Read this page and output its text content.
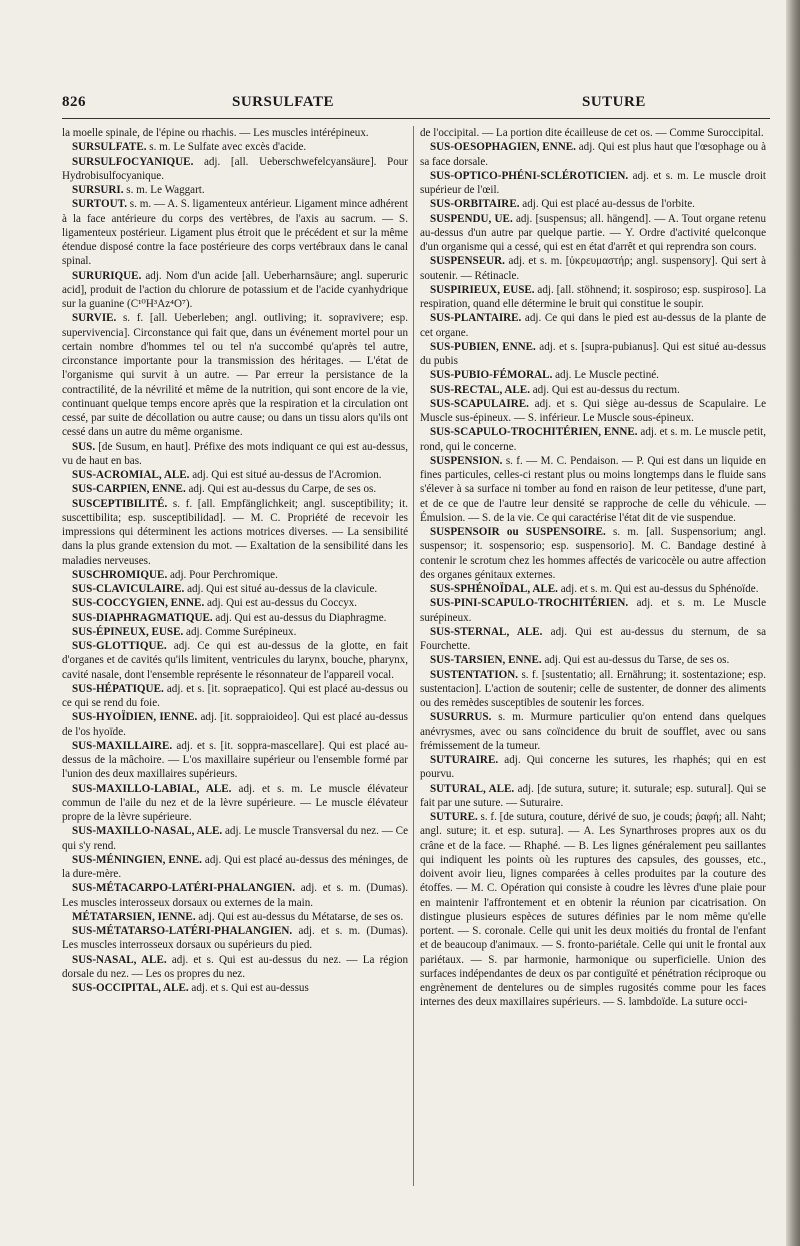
826	SURSULFATE	SUTURE

la moelle spinale, de l'épine ou rhachis. — Les muscles intérépineux.

SURSULFATE. s. m. Le Sulfate avec excès d'acide.

SURSULFOCYANIQUE. adj. [all. Ueberschwefelcyansäure]. Pour Hydrobisulfocyanique.

SURSURI. s. m. Le Waggart.

SURTOUT. s. m. — A. S. ligamenteux antérieur. Ligament mince adhérent à la face antérieure du corps des vertèbres, de l'axis au sacrum. — S. ligamenteux postérieur. Ligament plus étroit que le précédent et sur la même étendue disposé contre la face postérieure des corps vertébraux dans le canal spinal.

SURURIQUE. adj. Nom d'un acide [all. Ueberharnsäure; angl. superuric acid], produit de l'action du chlorure de potassium et de l'acide cyanhydrique sur la guanine (C¹⁰H³Az⁴O⁷).

SURVIE. s. f. [all. Ueberleben; angl. outliving; it. sopravivere; esp. supervivencia]. Circonstance qui fait que, dans un événement mortel pour un certain nombre d'hommes tel ou tel n'a succombé qu'après tel autre, circonstance importante pour la transmission des héritages. — L'état de l'organisme qui survit à un autre. — Par erreur la persistance de la contractilité, de la névrilité et même de la nutrition, qui sont encore de la vie, continuant quelque temps encore après que la respiration et la circulation ont cessé, par suite de décollation ou autre cause; ou dans un tissu alors qu'ils ont cessé dans un autre du même organisme.

SUS. [de Susum, en haut]. Préfixe des mots indiquant ce qui est au-dessus, vu de haut en bas.

SUS-ACROMIAL, ALE. adj. Qui est situé au-dessus de l'Acromion.

SUS-CARPIEN, ENNE. adj. Qui est au-dessus du Carpe, de ses os.

SUSCEPTIBILITÉ. s. f. [all. Empfänglichkeit; angl. susceptibility; it. suscettibilita; esp. susceptibilidad]. — M. C. Propriété de recevoir les impressions qui déterminent les actions motrices diverses. — La sensibilité dans la plus grande extension du mot. — Exaltation de la sensibilité dans les maladies nerveuses.

SUSCHROMIQUE. adj. Pour Perchromique.

SUS-CLAVICULAIRE. adj. Qui est situé au-dessus de la clavicule.

SUS-COCCYGIEN, ENNE. adj. Qui est au-dessus du Coccyx.

SUS-DIAPHRAGMATIQUE. adj. Qui est au-dessus du Diaphragme.

SUS-ÉPINEUX, EUSE. adj. Comme Surépineux.

SUS-GLOTTIQUE. adj. Ce qui est au-dessus de la glotte, en fait d'organes et de cavités qu'ils limitent, ventricules du larynx, bouche, pharynx, cavité nasale, dont l'ensemble représente le résonnateur de l'appareil vocal.

SUS-HÉPATIQUE. adj. et s. [it. sopraepatico]. Qui est placé au-dessus ou ce qui se rend du foie.

SUS-HYOÏDIEN, IENNE. adj. [it. soppraioideo]. Qui est placé au-dessus de l'os hyoïde.

SUS-MAXILLAIRE. adj. et s. [it. soppra-mascellare]. Qui est placé au-dessus de la mâchoire. — L'os maxillaire supérieur ou l'ensemble formé par l'union des deux maxillaires supérieurs.

SUS-MAXILLO-LABIAL, ALE. adj. et s. m. Le muscle élévateur commun de l'aile du nez et de la lèvre supérieure. — Le muscle élévateur propre de la lèvre supérieure.

SUS-MAXILLO-NASAL, ALE. adj. Le muscle Transversal du nez. — Ce qui s'y rend.

SUS-MÉNINGIEN, ENNE. adj. Qui est placé au-dessus des méninges, de la dure-mère.

SUS-MÉTACARPO-LATÉRI-PHALANGIEN. adj. et s. m. (Dumas). Les muscles interosseux dorsaux ou externes de la main.

MÉTATARSIEN, IENNE. adj. Qui est au-dessus du Métatarse, de ses os.

SUS-MÉTATARSO-LATÉRI-PHALANGIEN. adj. et s. m. (Dumas). Les muscles interrosseux dorsaux ou supérieurs du pied.

SUS-NASAL, ALE. adj. et s. Qui est au-dessus du nez. — La région dorsale du nez. — Les os propres du nez.

SUS-OCCIPITAL, ALE. adj. et s. Qui est au-dessus

de l'occipital. — La portion dite écailleuse de cet os. — Comme Suroccipital.

SUS-OESOPHAGIEN, ENNE. adj. Qui est plus haut que l'œsophage ou à sa face dorsale.

SUS-OPTICO-PHÉNI-SCLÉROTICIEN. adj. et s. m. Le muscle droit supérieur de l'œil.

SUS-ORBITAIRE. adj. Qui est placé au-dessus de l'orbite.

SUSPENDU, UE. adj. [suspensus; all. hängend]. — A. Tout organe retenu au-dessus d'un autre par quelque partie. — Y. Ordre d'activité quelconque d'un organisme qui a cessé, qui est en état d'arrêt et qui reprendra son cours.

SUSPENSEUR. adj. et s. m. [ὑκρευμαστήρ; angl. suspensory]. Qui sert à soutenir. — Rétinacle.

SUSPIRIEUX, EUSE. adj. [all. stöhnend; it. sospiroso; esp. suspiroso]. La respiration, quand elle détermine le bruit qui constitue le soupir.

SUS-PLANTAIRE. adj. Ce qui dans le pied est au-dessus de la plante de cet organe.

SUS-PUBIEN, ENNE. adj. et s. [supra-pubianus]. Qui est situé au-dessus du pubis

SUS-PUBIO-FÉMORAL. adj. Le Muscle pectiné.

SUS-RECTAL, ALE. adj. Qui est au-dessus du rectum.

SUS-SCAPULAIRE. adj. et s. Qui siège au-dessus de Scapulaire. Le Muscle sus-épineux. — S. inférieur. Le Muscle sous-épineux.

SUS-SCAPULO-TROCHITÉRIEN, ENNE. adj. et s. m. Le muscle petit, rond, qui le concerne.

SUSPENSION. s. f. — M. C. Pendaison. — P. Qui est dans un liquide en fines particules, celles-ci restant plus ou moins longtemps dans le fluide sans s'élever à sa surface ni tomber au fond en raison de leur petitesse, d'une part, et de ce que de l'autre leur densité se rapproche de celle du véhicule. —Émulsion. — S. de la vie. Ce qui caractérise l'état dit de vie suspendue.

SUSPENSOIR ou SUSPENSOIRE. s. m. [all. Suspensorium; angl. suspensor; it. sospensorio; esp. suspensorio]. M. C. Bandage destiné à contenir le scrotum chez les hommes affectés de varicocèle ou autre affection des organes génitaux externes.

SUS-SPHÉNOÏDAL, ALE. adj. et s. m. Qui est au-dessus du Sphénoïde.

SUS-PINI-SCAPULO-TROCHITÉRIEN. adj. et s. m. Le Muscle surépineux.

SUS-STERNAL, ALE. adj. Qui est au-dessus du sternum, de sa Fourchette.

SUS-TARSIEN, ENNE. adj. Qui est au-dessus du Tarse, de ses os.

SUSTENTATION. s. f. [sustentatio; all. Ernährung; it. sostentazione; esp. sustentacion]. L'action de soutenir; celle de sustenter, de donner des aliments ou des remèdes susceptibles de soutenir les forces.

SUSURRUS. s. m. Murmure particulier qu'on entend dans quelques anévrysmes, avec ou sans coïncidence du bruit de soufflet, avec ou sans frémissement de la tumeur.

SUTURAIRE. adj. Qui concerne les sutures, les rhaphés; qui en est pourvu.

SUTURAL, ALE. adj. [de sutura, suture; it. suturale; esp. sutural]. Qui se fait par une suture. — Suturaire.

SUTURE. s. f. [de sutura, couture, dérivé de suo, je couds; ῥαφή; all. Naht; angl. suture; it. et esp. sutura]. — A. Les Synarthroses propres aux os du crâne et de la face. — Rhaphé. — B. Les lignes généralement peu saillantes qui indiquent les points où les ruptures des capsules, des gousses, etc., doivent avoir lieu, lignes comparées à celles produites par la couture des étoffes. — M. C. Opération qui consiste à coudre les lèvres d'une plaie pour en maintenir l'affrontement et en obtenir la réunion par cicatrisation. On distingue plusieurs espèces de sutures définies par le nom même qu'elle portent. — S. coronale. Celle qui unit les deux moitiés du frontal de l'enfant et de beaucoup d'animaux. — S. fronto-pariétale. Celle qui unit le frontal aux pariétaux. — S. par harmonie, harmonique ou superficielle. Union des surfaces indépendantes de deux os par contiguïté et pénétration réciproque ou engrènement de dentelures ou de simples rugosités comme pour les faces internes des deux maxillaires supérieurs. — S. lambdoïde. La suture occi-
